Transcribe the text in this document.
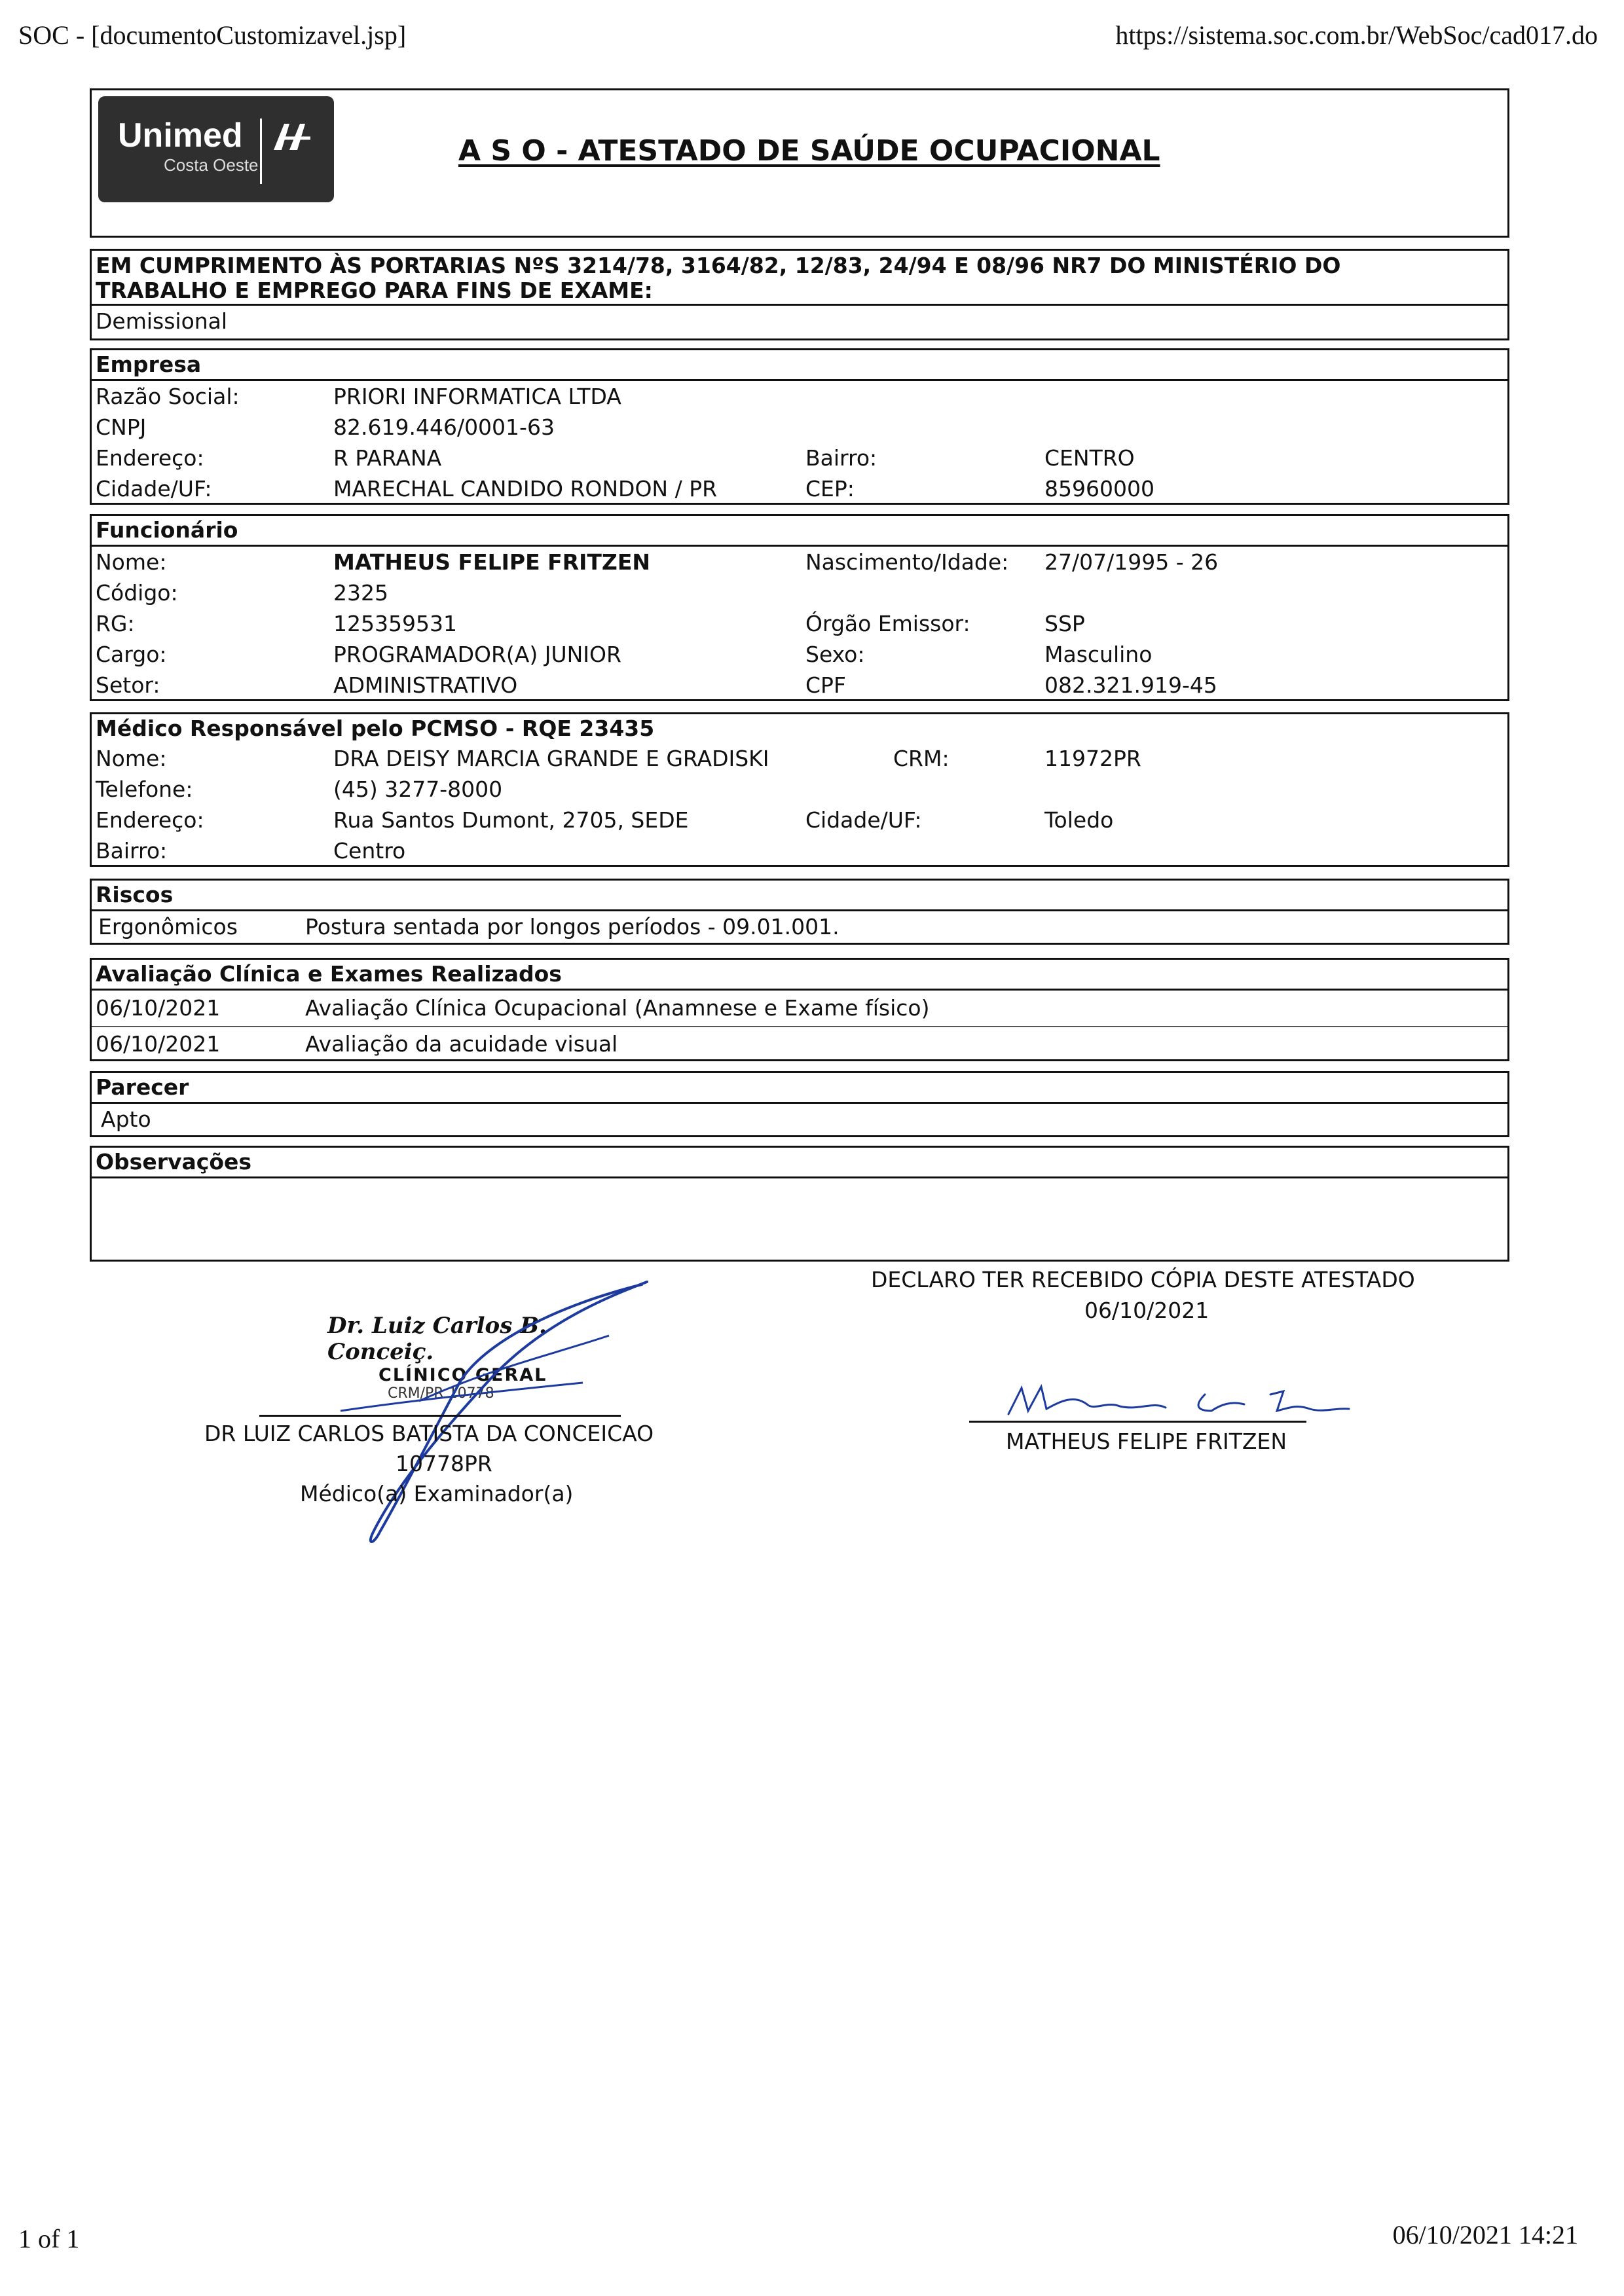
SOC - [documentoCustomizavel.jsp]	https://sistema.soc.com.br/WebSoc/cad017.do
Unimed
Costa Oeste	A S O - ATESTADO DE SAÚDE OCUPACIONAL
EM CUMPRIMENTO ÀS PORTARIAS NºS 3214/78, 3164/82, 12/83, 24/94 E 08/96 NR7 DO MINISTÉRIO DO
TRABALHO E EMPREGO PARA FINS DE EXAME:
Demissional
Empresa
Razão Social:	PRIORI INFORMATICA LTDA
CNPJ	82.619.446/0001-63
Endereço:	R PARANA	Bairro:	CENTRO
Cidade/UF:	MARECHAL CANDIDO RONDON / PR	CEP:	85960000
Funcionário
Nome:	MATHEUS FELIPE FRITZEN	Nascimento/Idade: 27/07/1995 - 26
Código:	2325
RG:	125359531	Órgão Emissor:	SSP
Cargo:	PROGRAMADOR(A) JUNIOR	Sexo:	Masculino
Setor:	ADMINISTRATIVO	CPF	082.321.919-45
Médico Responsável pelo PCMSO - RQE 23435
Nome:	DRA DEISY MARCIA GRANDE E GRADISKI	CRM:	11972PR
Telefone:	(45) 3277-8000
Endereço:	Rua Santos Dumont, 2705, SEDE	Cidade/UF:	Toledo
Bairro:	Centro
Riscos
Ergonômicos	Postura sentada por longos períodos - 09.01.001.
Avaliação Clínica e Exames Realizados
06/10/2021	Avaliação Clínica Ocupacional (Anamnese e Exame físico)
06/10/2021	Avaliação da acuidade visual
Parecer
Apto
Observações
Dr. Luiz Carlos B. Conceiç.
CLÍNICO GERAL
CRM/PR 10778
DR LUIZ CARLOS BATISTA DA CONCEICAO
10778PR
Médico(a) Examinador(a)
DECLARO TER RECEBIDO CÓPIA DESTE ATESTADO
06/10/2021
MATHEUS FELIPE FRITZEN
1 of 1	06/10/2021 14:21
